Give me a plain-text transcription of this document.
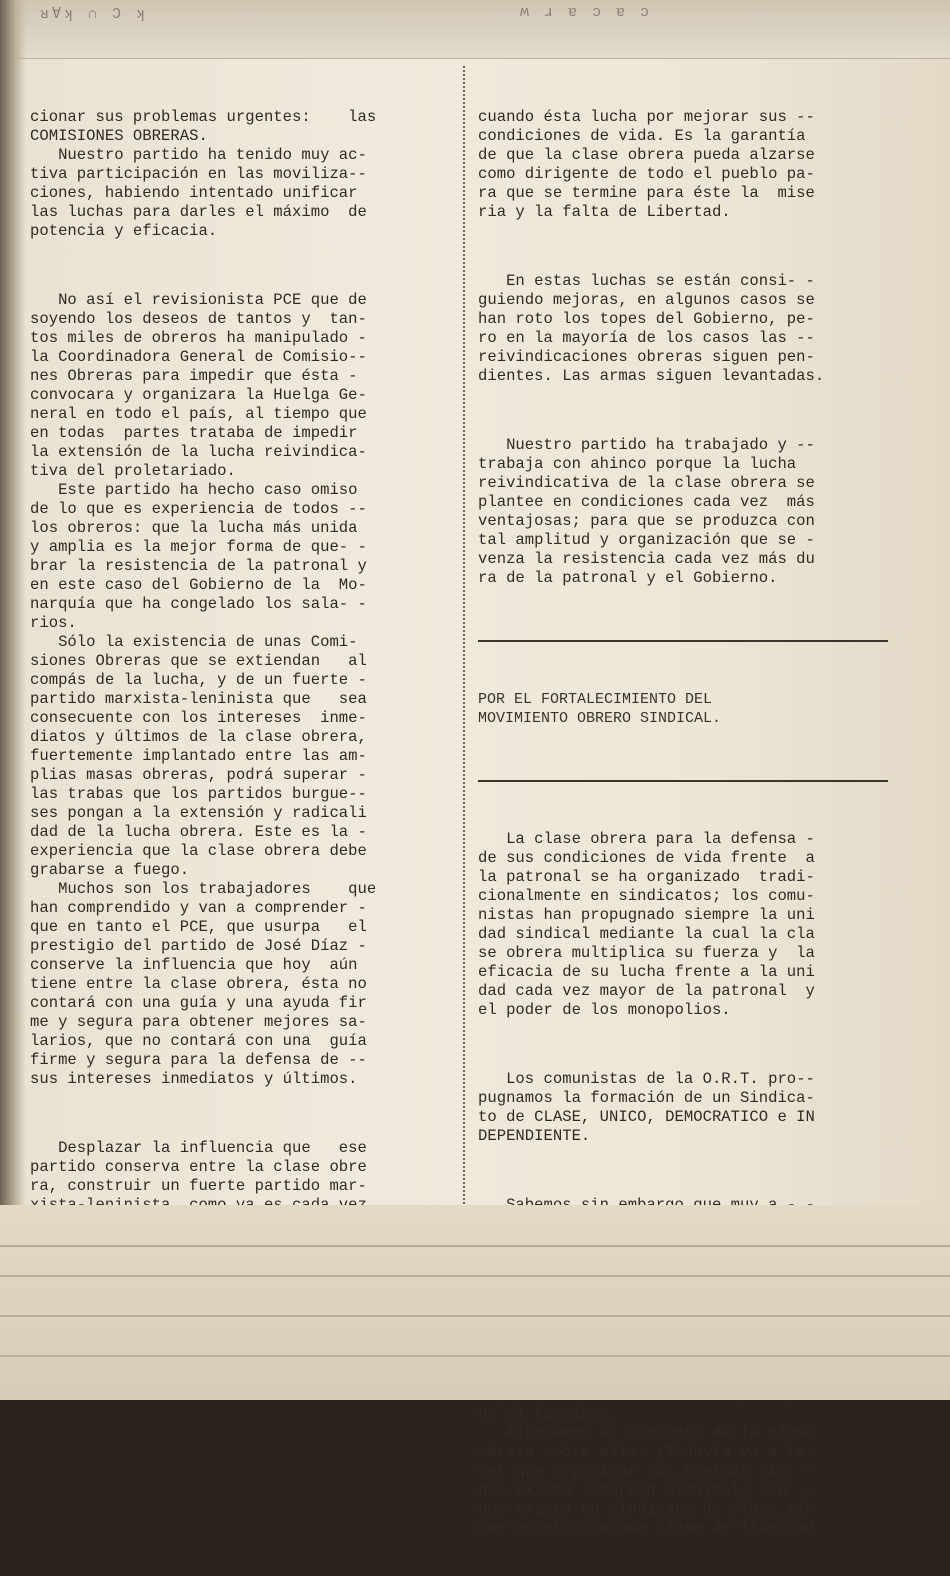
ᴚ∀ʞ ∩ Ɔ ʞ	ʍ ɹ ɐ ɔ ɐ ɔ

cionar sus problemas urgentes:    las
COMISIONES OBRERAS.
Nuestro partido ha tenido muy ac-
tiva participación en las moviliza--
ciones, habiendo intentado unificar
las luchas para darles el máximo  de
potencia y eficacia.

No así el revisionista PCE que de
soyendo los deseos de tantos y  tan-
tos miles de obreros ha manipulado -
la Coordinadora General de Comisio--
nes Obreras para impedir que ésta -
convocara y organizara la Huelga Ge-
neral en todo el país, al tiempo que
en todas  partes trataba de impedir
la extensión de la lucha reivindica-
tiva del proletariado.
Este partido ha hecho caso omiso
de lo que es experiencia de todos --
los obreros: que la lucha más unida
y amplia es la mejor forma de que- -
brar la resistencia de la patronal y
en este caso del Gobierno de la  Mo-
narquía que ha congelado los sala- -
rios.
Sólo la existencia de unas Comi-
siones Obreras que se extiendan   al
compás de la lucha, y de un fuerte -
partido marxista-leninista que   sea
consecuente con los intereses  inme-
diatos y últimos de la clase obrera,
fuertemente implantado entre las am-
plias masas obreras, podrá superar -
las trabas que los partidos burgue--
ses pongan a la extensión y radicali
dad de la lucha obrera. Este es la -
experiencia que la clase obrera debe
grabarse a fuego.
Muchos son los trabajadores    que
han comprendido y van a comprender -
que en tanto el PCE, que usurpa   el
prestigio del partido de José Díaz -
conserve la influencia que hoy  aún
tiene entre la clase obrera, ésta no
contará con una guía y una ayuda fir
me y segura para obtener mejores sa-
larios, que no contará con una  guía
firme y segura para la defensa de --
sus intereses inmediatos y últimos.

Desplazar la influencia que   ese
partido conserva entre la clase obre
ra, construir un fuerte partido mar-

cuando ésta lucha por mejorar sus --
condiciones de vida. Es la garantía
de que la clase obrera pueda alzarse
como dirigente de todo el pueblo pa-
ra que se termine para éste la  mise
ria y la falta de Libertad.

En estas luchas se están consi- -
guiendo mejoras, en algunos casos se
han roto los topes del Gobierno, pe-
ro en la mayoría de los casos las --
reivindicaciones obreras siguen pen-
dientes. Las armas siguen levantadas.

Nuestro partido ha trabajado y --
trabaja con ahinco porque la lucha
reivindicativa de la clase obrera se
plantee en condiciones cada vez  más
ventajosas; para que se produzca con
tal amplitud y organización que se -
venza la resistencia cada vez más du
ra de la patronal y el Gobierno.

POR EL FORTALECIMIENTO DEL
MOVIMIENTO OBRERO SINDICAL.

La clase obrera para la defensa -
de sus condiciones de vida frente  a
la patronal se ha organizado  tradi-
cionalmente en sindicatos; los comu-
nistas han propugnado siempre la uni
dad sindical mediante la cual la cla
se obrera multiplica su fuerza y  la
eficacia de su lucha frente a la uni
dad cada vez mayor de la patronal  y
el poder de los monopolios.

Los comunistas de la O.R.T. pro--
pugnamos la formación de un Sindica-
to de CLASE, UNICO, DEMOCRATICO e IN
DEPENDIENTE.

ne el fascismo.
Alertamos al conjunto de la clase
obrera sobre ello. ¡Todavía va a te-
ner que organizar sus huelgas sin --
que exista libertad sindical; sin --
que exista un sindicato de clase,sin
que exista ninguna clase de libertad
